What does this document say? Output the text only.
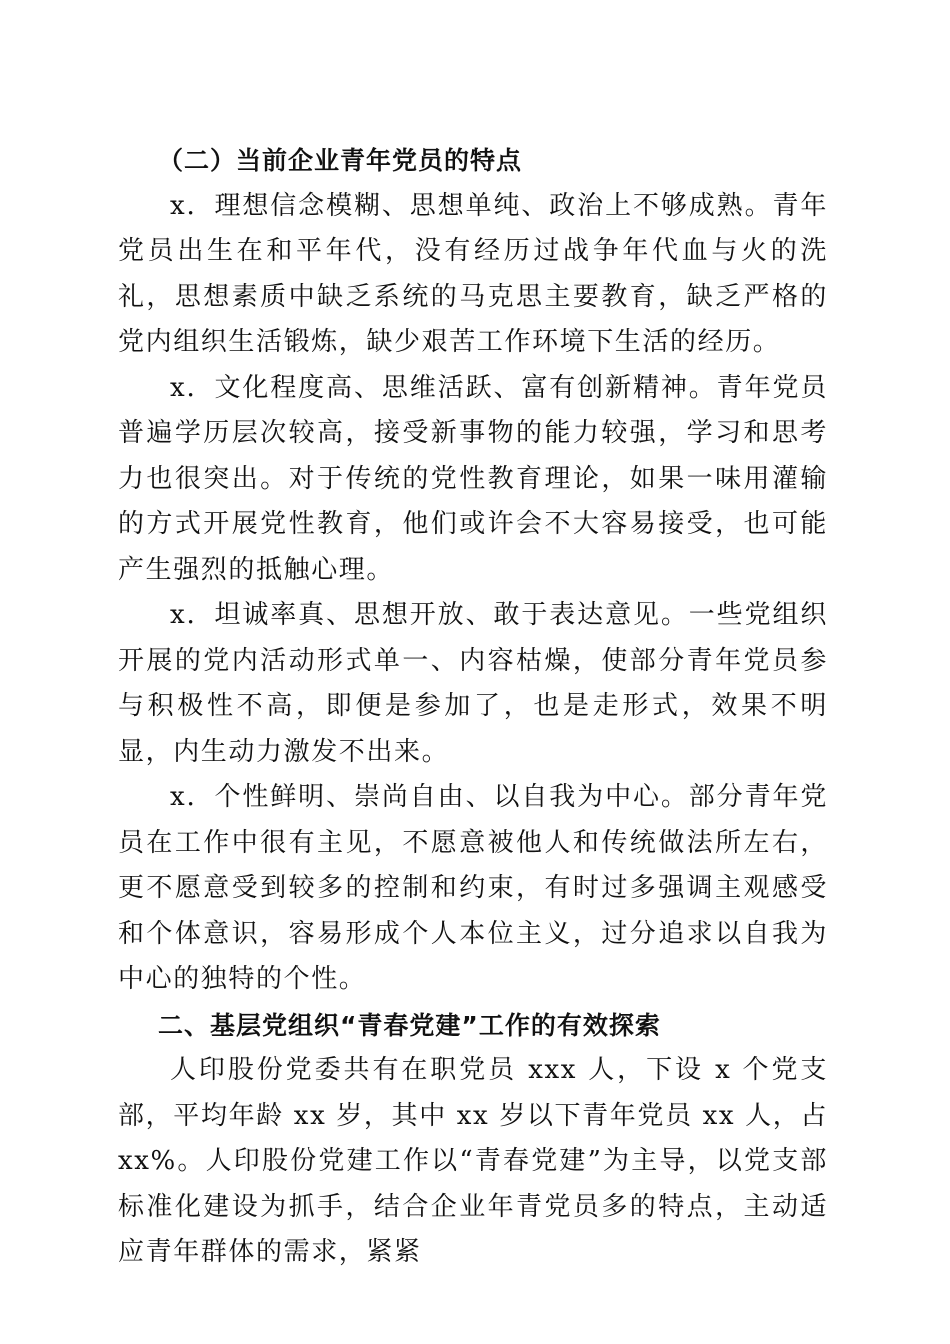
（二）当前企业青年党员的特点

x．理想信念模糊、思想单纯、政治上不够成熟。青年党员出生在和平年代，没有经历过战争年代血与火的洗礼，思想素质中缺乏系统的马克思主要教育，缺乏严格的党内组织生活锻炼，缺少艰苦工作环境下生活的经历。

x．文化程度高、思维活跃、富有创新精神。青年党员普遍学历层次较高，接受新事物的能力较强，学习和思考力也很突出。对于传统的党性教育理论，如果一味用灌输的方式开展党性教育，他们或许会不大容易接受，也可能产生强烈的抵触心理。

x．坦诚率真、思想开放、敢于表达意见。一些党组织开展的党内活动形式单一、内容枯燥，使部分青年党员参与积极性不高，即便是参加了，也是走形式，效果不明显，内生动力激发不出来。

x．个性鲜明、崇尚自由、以自我为中心。部分青年党员在工作中很有主见，不愿意被他人和传统做法所左右，更不愿意受到较多的控制和约束，有时过多强调主观感受和个体意识，容易形成个人本位主义，过分追求以自我为中心的独特的个性。

二、基层党组织“青春党建”工作的有效探索

人印股份党委共有在职党员 xxx 人，下设 x 个党支部，平均年龄 xx 岁，其中 xx 岁以下青年党员 xx 人，占 xx%。人印股份党建工作以“青春党建”为主导，以党支部标准化建设为抓手，结合企业年青党员多的特点，主动适应青年群体的需求，紧紧
